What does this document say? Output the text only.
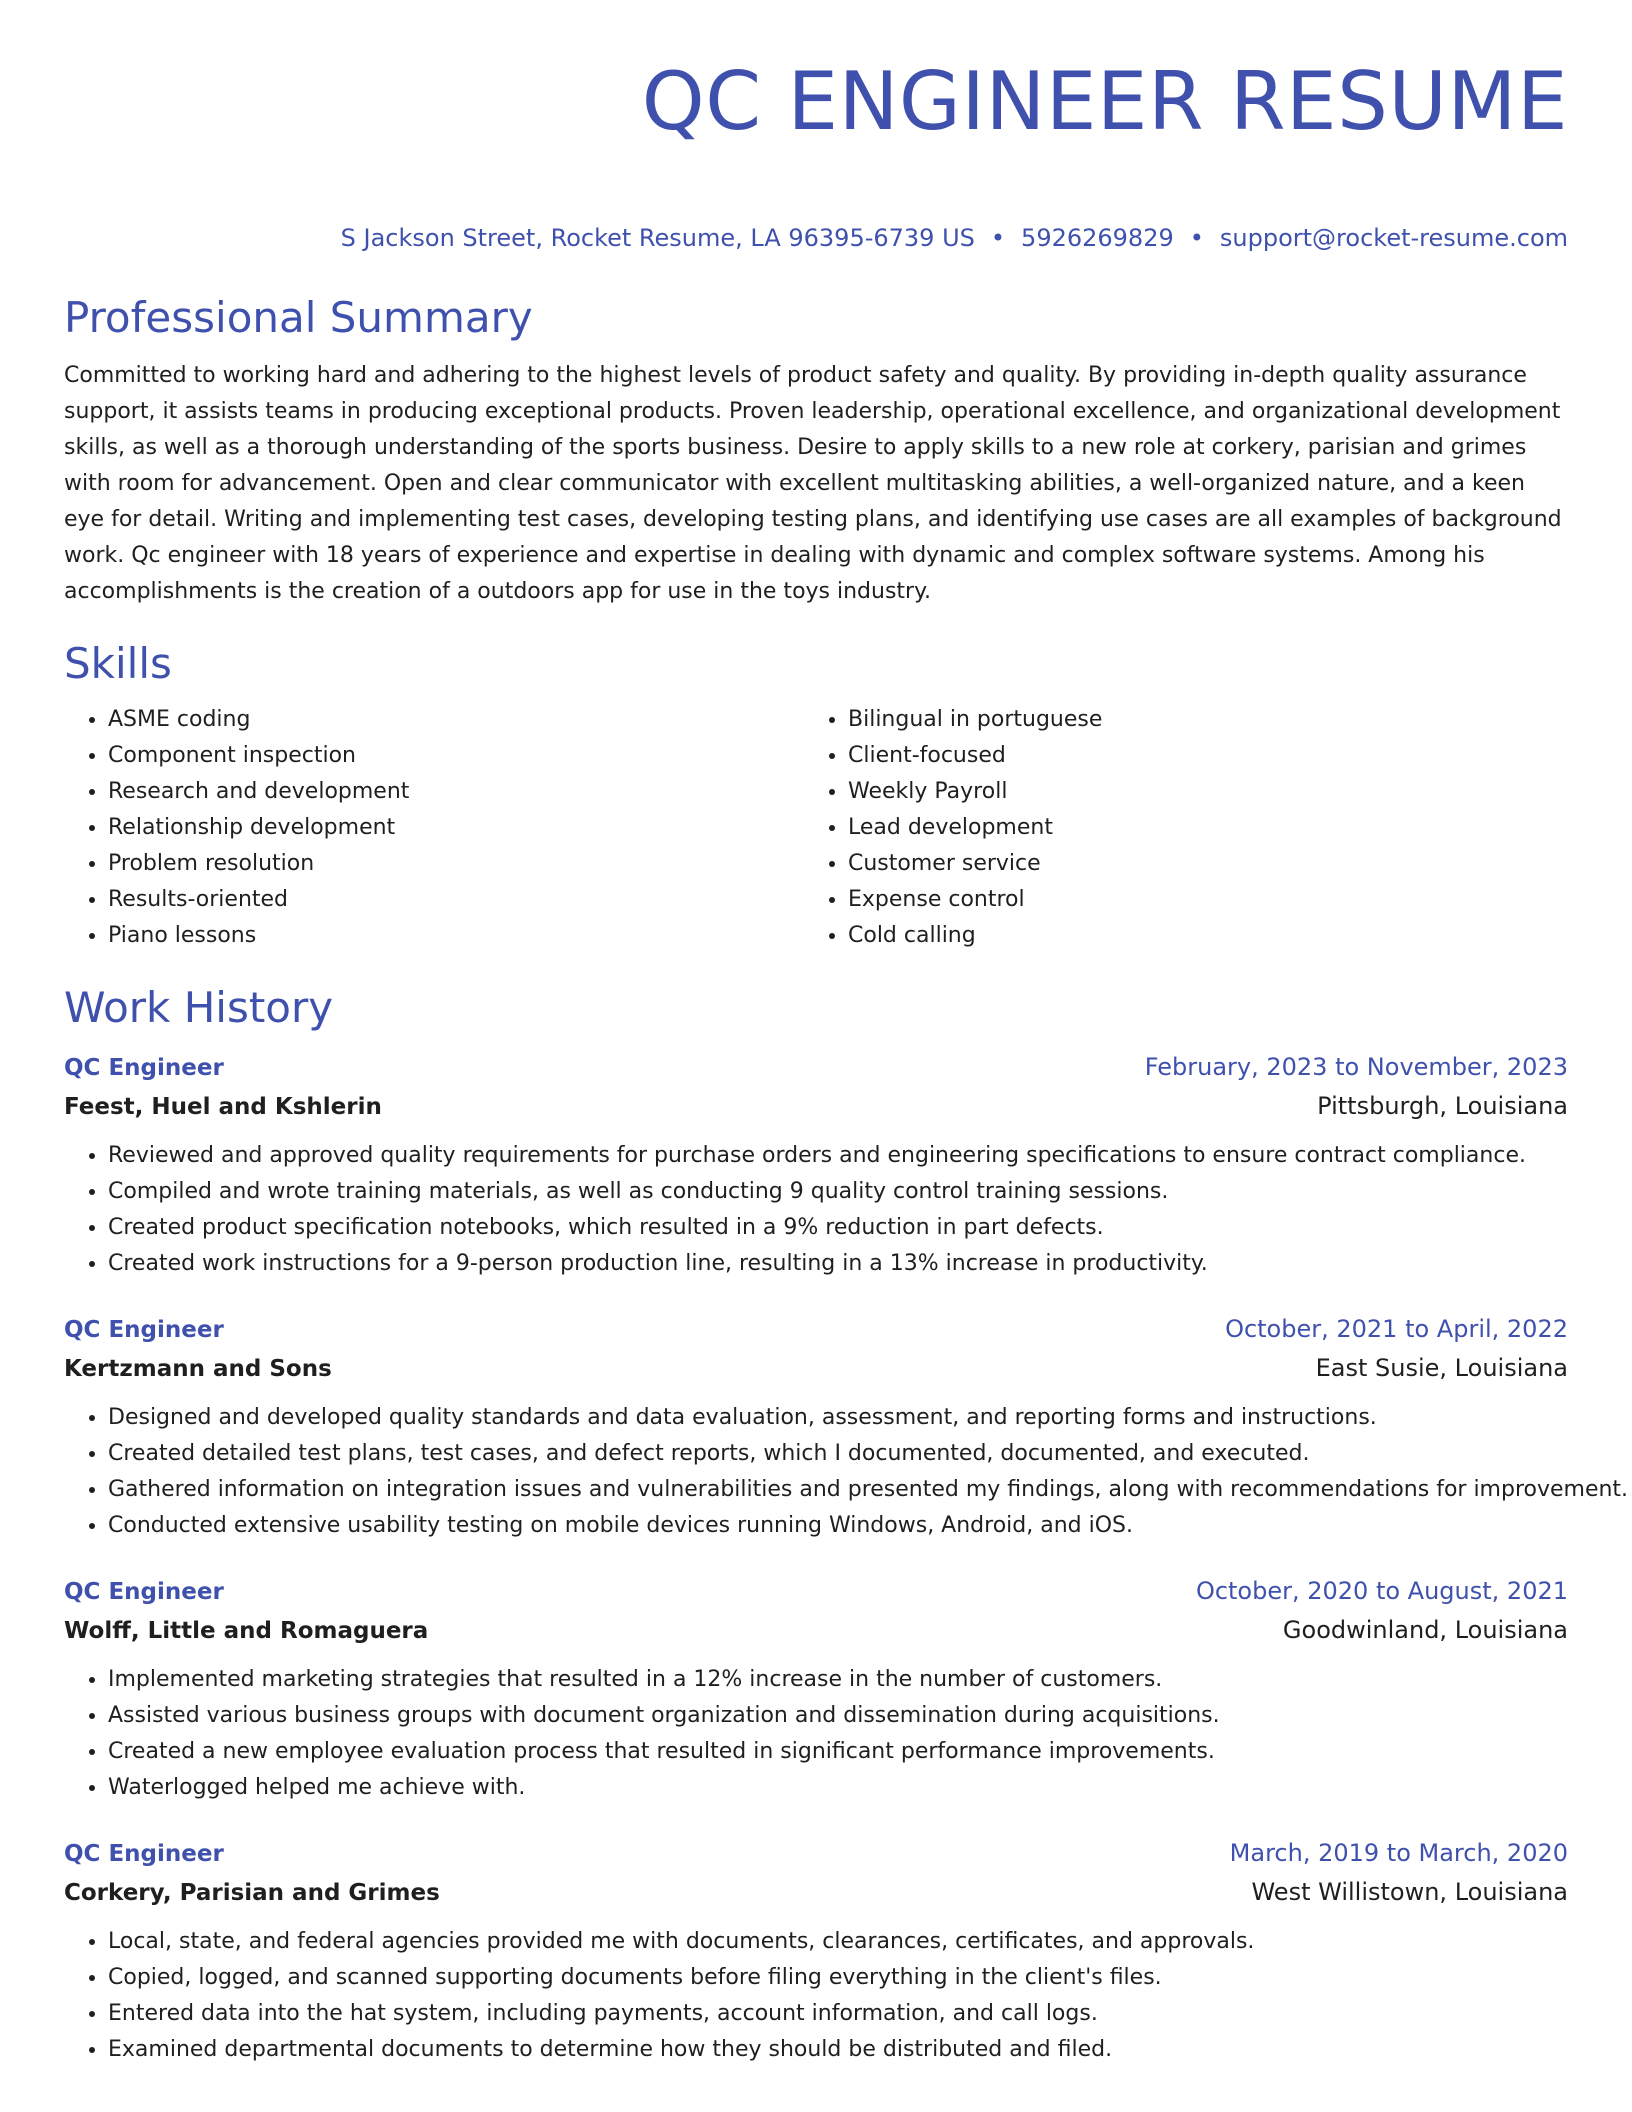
QC ENGINEER RESUME
S Jackson Street, Rocket Resume, LA 96395-6739 US • 5926269829 • support@rocket-resume.com
Professional Summary
Committed to working hard and adhering to the highest levels of product safety and quality. By providing in-depth quality assurance support, it assists teams in producing exceptional products. Proven leadership, operational excellence, and organizational development skills, as well as a thorough understanding of the sports business. Desire to apply skills to a new role at corkery, parisian and grimes with room for advancement. Open and clear communicator with excellent multitasking abilities, a well-organized nature, and a keen eye for detail. Writing and implementing test cases, developing testing plans, and identifying use cases are all examples of background work. Qc engineer with 18 years of experience and expertise in dealing with dynamic and complex software systems. Among his accomplishments is the creation of a outdoors app for use in the toys industry.
Skills
• ASME coding
• Component inspection
• Research and development
• Relationship development
• Problem resolution
• Results-oriented
• Piano lessons
• Bilingual in portuguese
• Client-focused
• Weekly Payroll
• Lead development
• Customer service
• Expense control
• Cold calling
Work History
QC Engineer	February, 2023 to November, 2023
Feest, Huel and Kshlerin	Pittsburgh, Louisiana
• Reviewed and approved quality requirements for purchase orders and engineering specifications to ensure contract compliance.
• Compiled and wrote training materials, as well as conducting 9 quality control training sessions.
• Created product specification notebooks, which resulted in a 9% reduction in part defects.
• Created work instructions for a 9-person production line, resulting in a 13% increase in productivity.
QC Engineer	October, 2021 to April, 2022
Kertzmann and Sons	East Susie, Louisiana
• Designed and developed quality standards and data evaluation, assessment, and reporting forms and instructions.
• Created detailed test plans, test cases, and defect reports, which I documented, documented, and executed.
• Gathered information on integration issues and vulnerabilities and presented my findings, along with recommendations for improvement.
• Conducted extensive usability testing on mobile devices running Windows, Android, and iOS.
QC Engineer	October, 2020 to August, 2021
Wolff, Little and Romaguera	Goodwinland, Louisiana
• Implemented marketing strategies that resulted in a 12% increase in the number of customers.
• Assisted various business groups with document organization and dissemination during acquisitions.
• Created a new employee evaluation process that resulted in significant performance improvements.
• Waterlogged helped me achieve with.
QC Engineer	March, 2019 to March, 2020
Corkery, Parisian and Grimes	West Willistown, Louisiana
• Local, state, and federal agencies provided me with documents, clearances, certificates, and approvals.
• Copied, logged, and scanned supporting documents before filing everything in the client's files.
• Entered data into the hat system, including payments, account information, and call logs.
• Examined departmental documents to determine how they should be distributed and filed.
